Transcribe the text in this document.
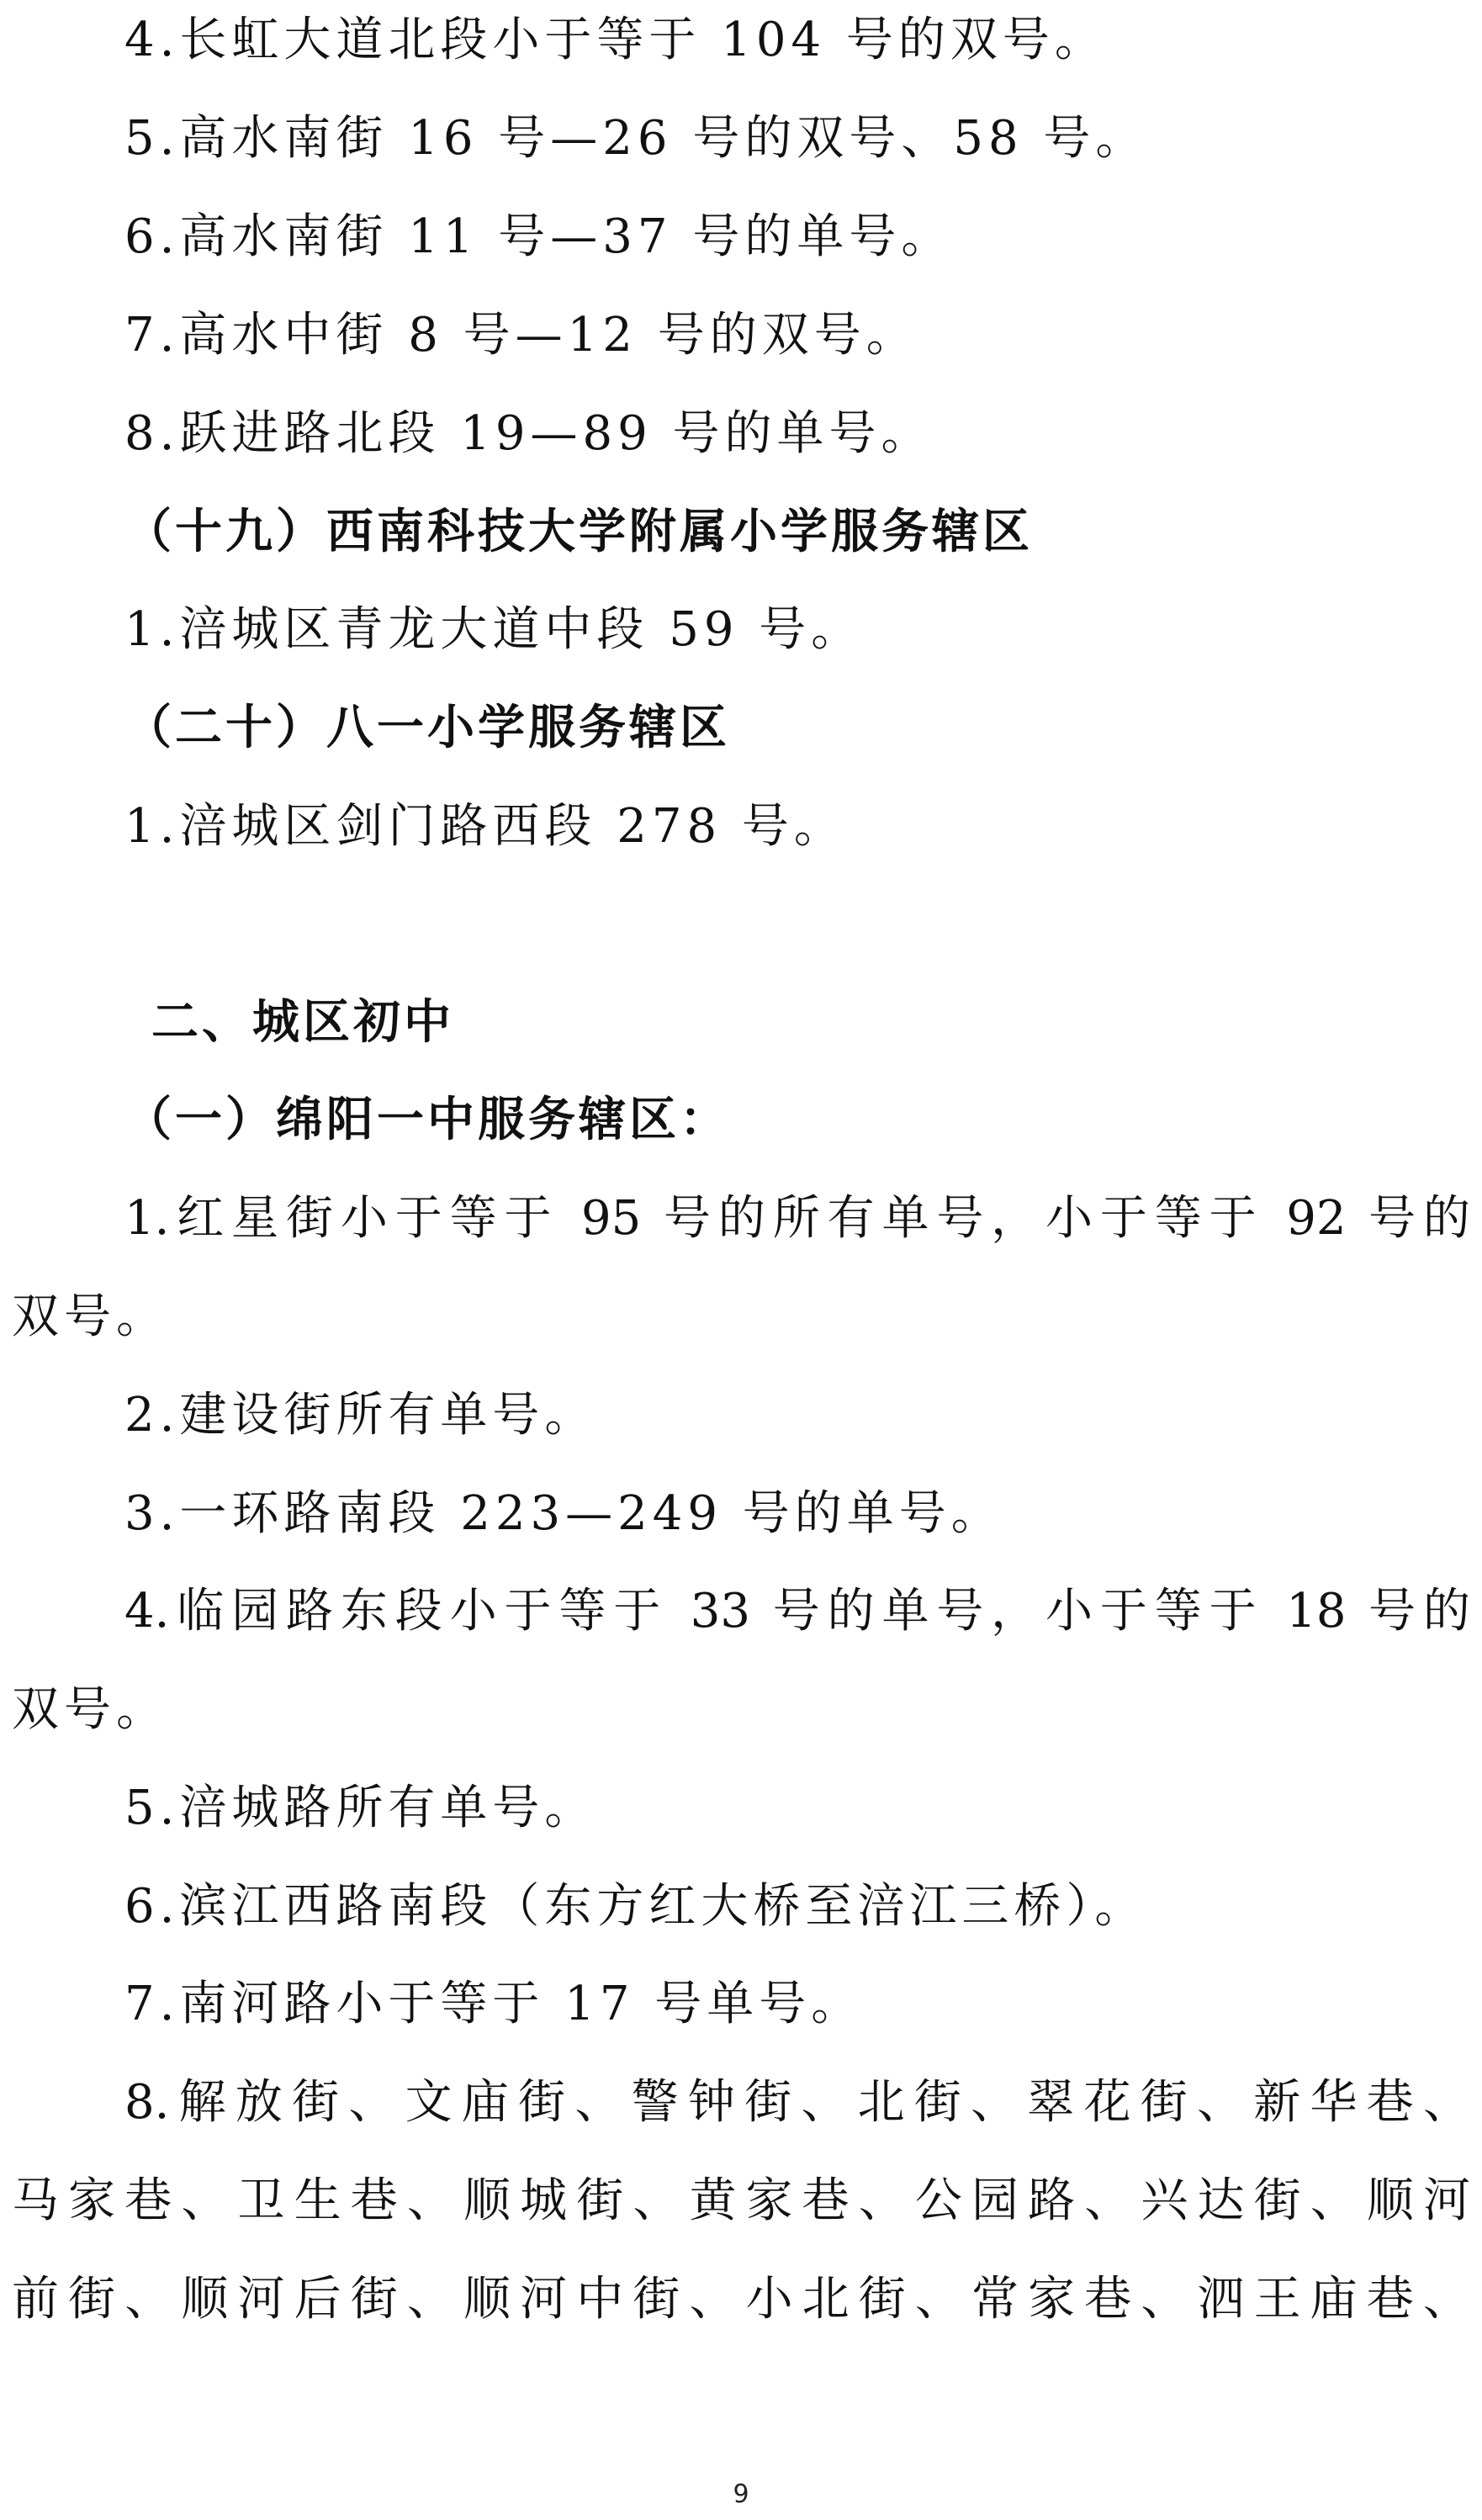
4.长虹大道北段小于等于 104 号的双号。
5.高水南街 16 号—26 号的双号、58 号。
6.高水南街 11 号—37 号的单号。
7.高水中街 8 号—12 号的双号。
8.跃进路北段 19—89 号的单号。
（十九）西南科技大学附属小学服务辖区
1.涪城区青龙大道中段 59 号。
（二十）八一小学服务辖区
1.涪城区剑门路西段 278 号。
二、城区初中
（一）绵阳一中服务辖区：
1.红星街小于等于 95 号的所有单号，小于等于 92 号的
双号。
2.建设街所有单号。
3.一环路南段 223—249 号的单号。
4.临园路东段小于等于 33 号的单号，小于等于 18 号的
双号。
5.涪城路所有单号。
6.滨江西路南段（东方红大桥至涪江三桥）。
7.南河路小于等于 17 号单号。
8.解放街、文庙街、警钟街、北街、翠花街、新华巷、
马家巷、卫生巷、顺城街、黄家巷、公园路、兴达街、顺河
前街、顺河后街、顺河中街、小北街、常家巷、泗王庙巷、
9
